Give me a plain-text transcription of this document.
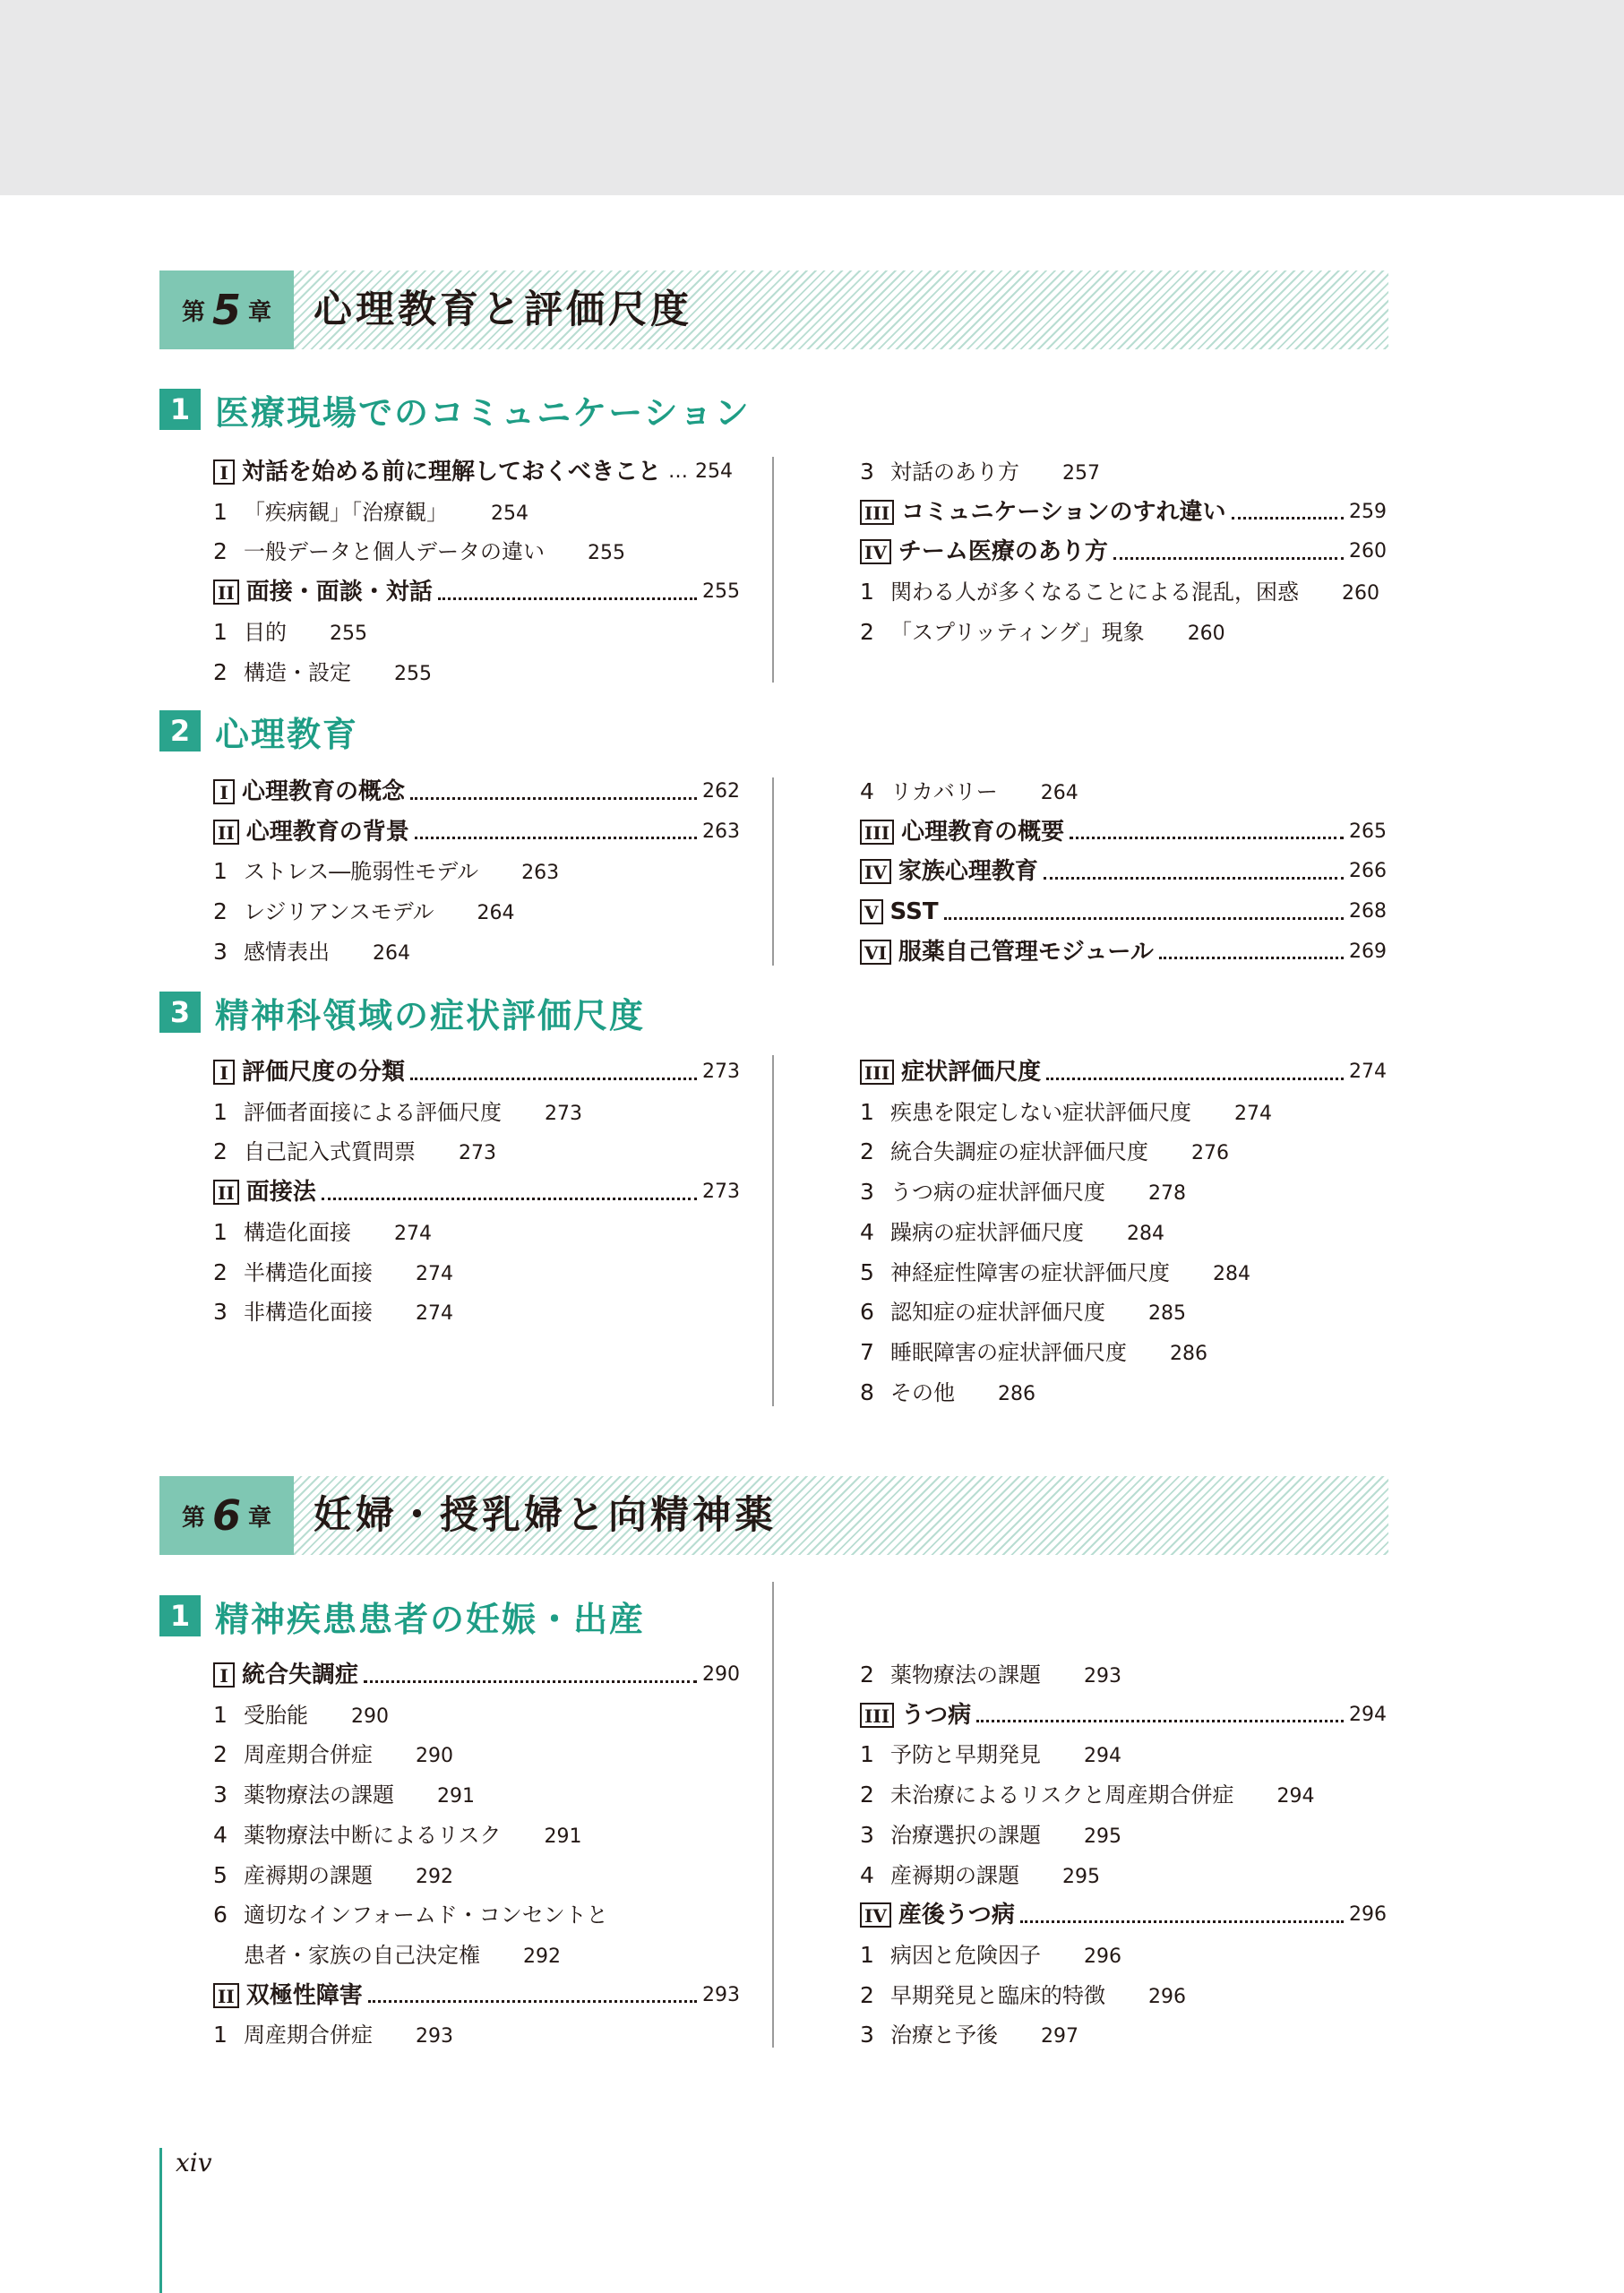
第 5 章 心理教育と評価尺度
第 6 章 妊婦・授乳婦と向精神薬
1 医療現場でのコミュニケーション
2 心理教育
3 精神科領域の症状評価尺度
1 精神疾患患者の妊娠・出産
I 対話を始める前に理解しておくべきこと … 254
1 「疾病観」「治療観」 254
2 一般データと個人データの違い 255
II 面接・面談・対話	255
1 目的 255
2 構造・設定 255
3 対話のあり方 257
III コミュニケーションのすれ違い	259
IV チーム医療のあり方	260
1 関わる人が多くなることによる混乱，困惑 260
2 「スプリッティング」現象 260
I 心理教育の概念	262
II 心理教育の背景	263
1 ストレス―脆弱性モデル 263
2 レジリアンスモデル 264
3 感情表出 264
4 リカバリー 264
III 心理教育の概要	265
IV 家族心理教育	266
V SST	268
VI 服薬自己管理モジュール	269
I 評価尺度の分類	273
1 評価者面接による評価尺度 273
2 自己記入式質問票 273
II 面接法	273
1 構造化面接 274
2 半構造化面接 274
3 非構造化面接 274
III 症状評価尺度	274
1 疾患を限定しない症状評価尺度 274
2 統合失調症の症状評価尺度 276
3 うつ病の症状評価尺度 278
4 躁病の症状評価尺度 284
5 神経症性障害の症状評価尺度 284
6 認知症の症状評価尺度 285
7 睡眠障害の症状評価尺度 286
8 その他 286
I 統合失調症	290
1 受胎能 290
2 周産期合併症 290
3 薬物療法の課題 291
4 薬物療法中断によるリスク 291
5 産褥期の課題 292
6 適切なインフォームド・コンセントと
患者・家族の自己決定権 292
II 双極性障害	293
1 周産期合併症 293
2 薬物療法の課題 293
III うつ病	294
1 予防と早期発見 294
2 未治療によるリスクと周産期合併症 294
3 治療選択の課題 295
4 産褥期の課題 295
IV 産後うつ病	296
1 病因と危険因子 296
2 早期発見と臨床的特徴 296
3 治療と予後 297
xiv
